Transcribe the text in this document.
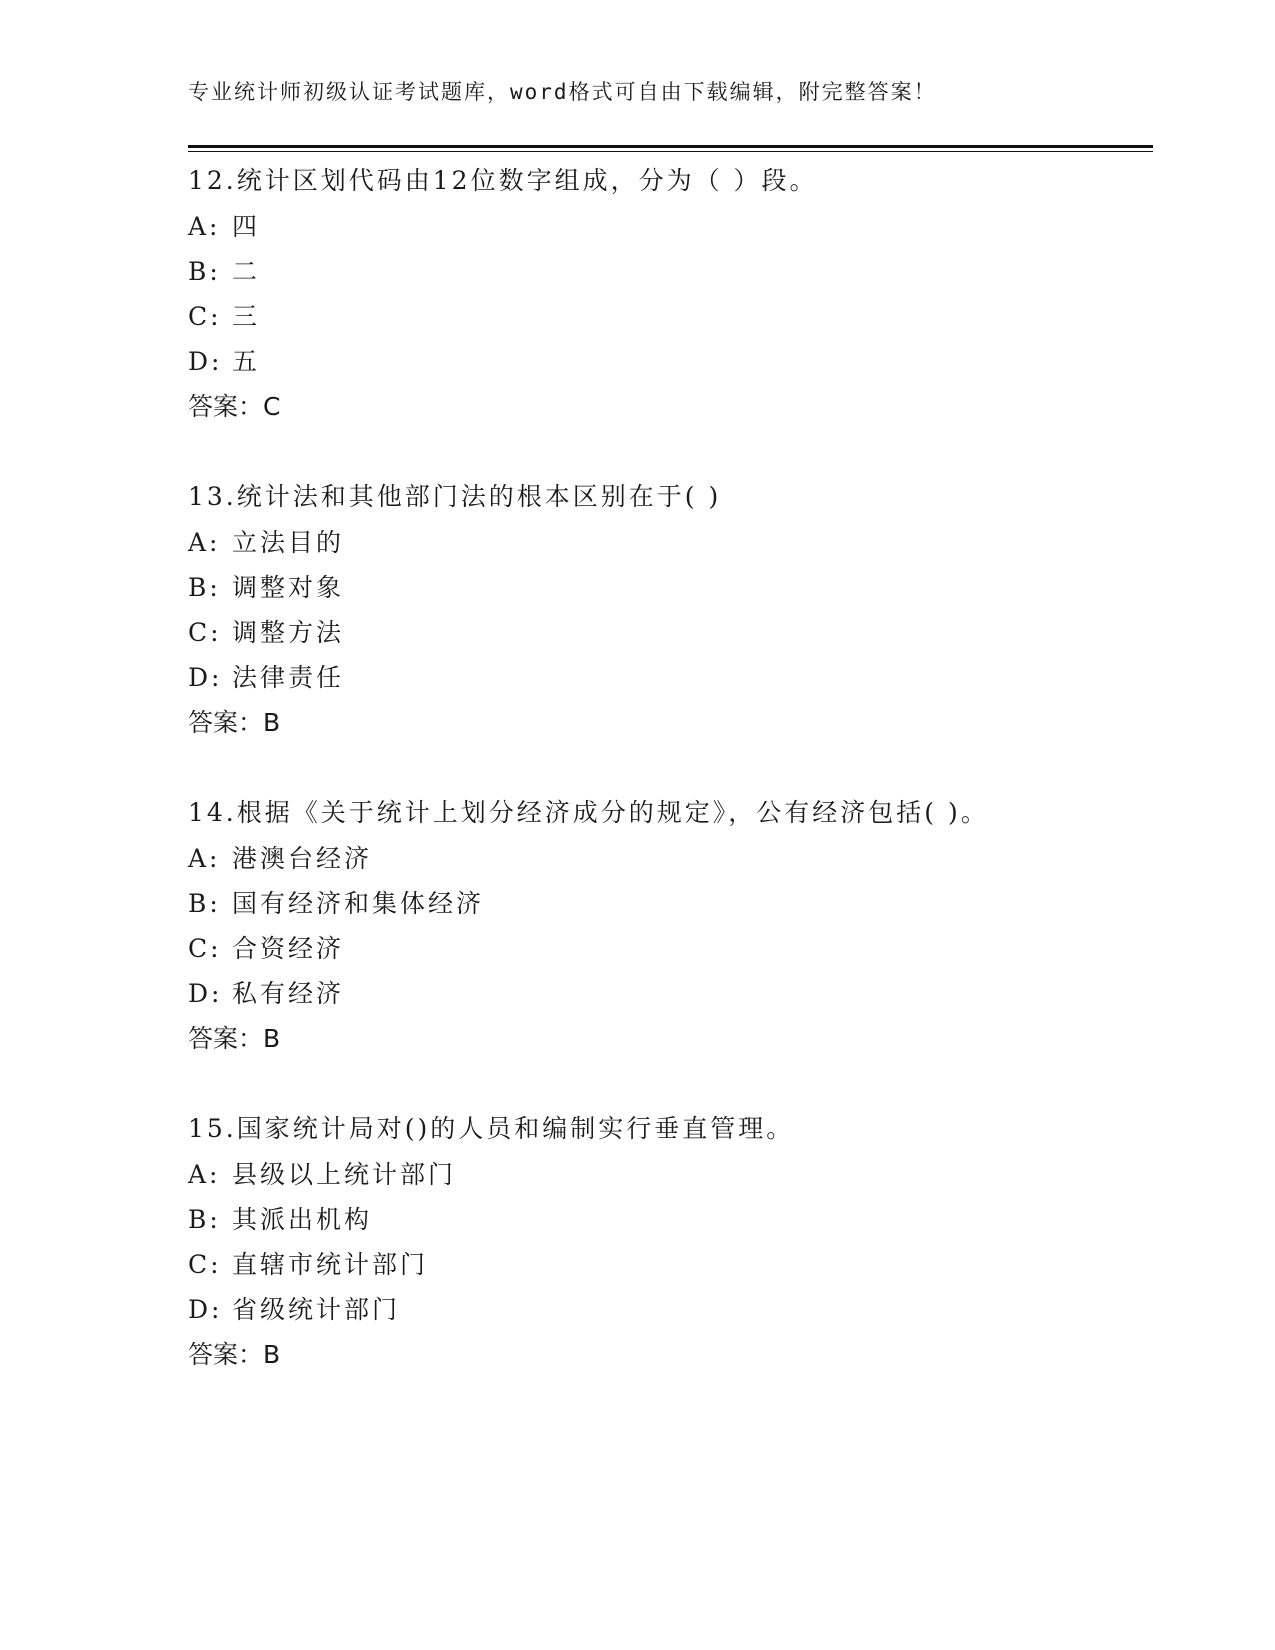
专业统计师初级认证考试题库，word格式可自由下载编辑，附完整答案！
12.统计区划代码由12位数字组成，分为（ ）段。
A: 四
B: 二
C: 三
D: 五
答案：C
13.统计法和其他部门法的根本区别在于( )
A: 立法目的
B: 调整对象
C: 调整方法
D: 法律责任
答案：B
14.根据《关于统计上划分经济成分的规定》，公有经济包括( )。
A: 港澳台经济
B: 国有经济和集体经济
C: 合资经济
D: 私有经济
答案：B
15.国家统计局对()的人员和编制实行垂直管理。
A: 县级以上统计部门
B: 其派出机构
C: 直辖市统计部门
D: 省级统计部门
答案：B
